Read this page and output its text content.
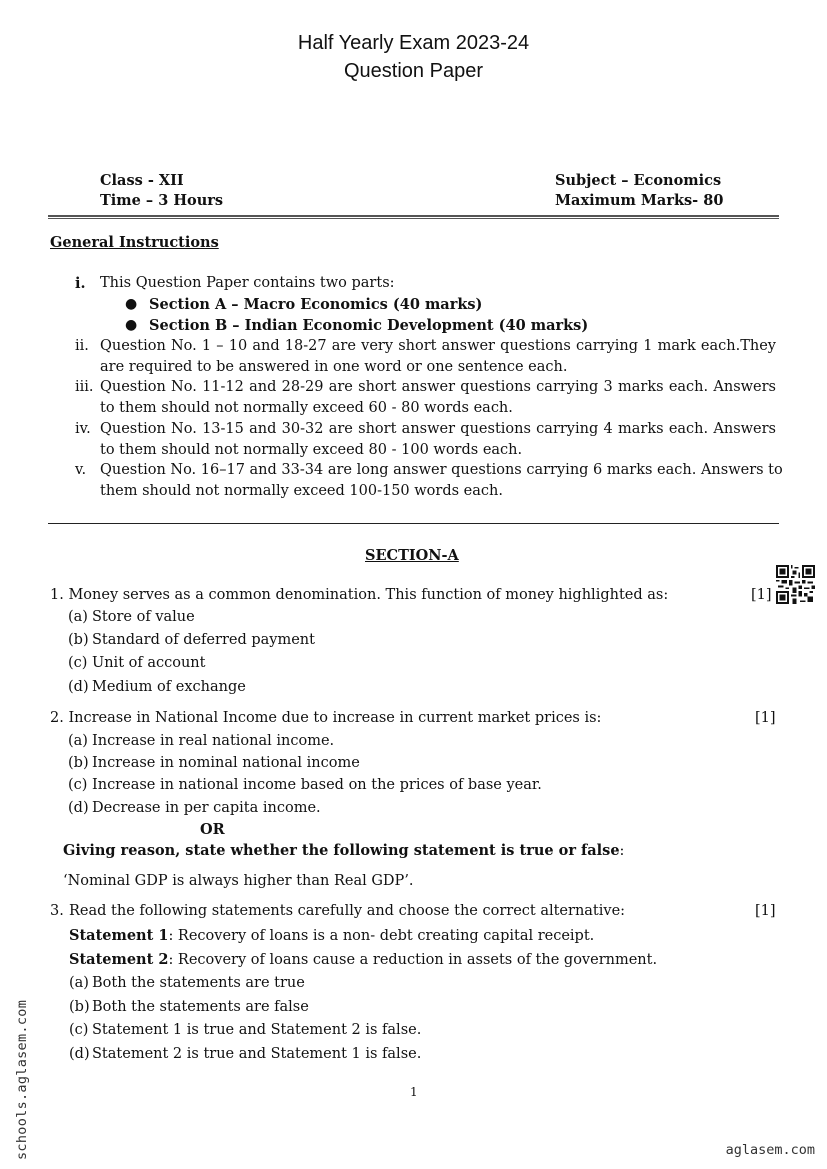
Half Yearly Exam 2023-24
Question Paper
Class - XII
Time – 3 Hours
Subject – Economics
Maximum Marks- 80
General Instructions
i. This Question Paper contains two parts:
● Section A – Macro Economics (40 marks)
● Section B – Indian Economic Development (40 marks)
ii. Question No. 1 – 10 and 18-27 are very short answer questions carrying 1 mark each.They
are required to be answered in one word or one sentence each.
iii. Question No. 11-12 and 28-29 are short answer questions carrying 3 marks each. Answers
to them should not normally exceed 60 - 80 words each.
iv. Question No. 13-15 and 30-32 are short answer questions carrying 4 marks each. Answers
to them should not normally exceed 80 - 100 words each.
v. Question No. 16–17 and 33-34 are long answer questions carrying 6 marks each. Answers to
them should not normally exceed 100-150 words each.
SECTION-A
1. Money serves as a common denomination. This function of money highlighted as:	[1]
(a) Store of value
(b) Standard of deferred payment
(c) Unit of account
(d) Medium of exchange
2. Increase in National Income due to increase in current market prices is:	[1]
(a) Increase in real national income.
(b) Increase in nominal national income
(c) Increase in national income based on the prices of base year.
(d) Decrease in per capita income.
OR
Giving reason, state whether the following statement is true or false:
‘Nominal GDP is always higher than Real GDP’.
3. Read the following statements carefully and choose the correct alternative:	[1]
Statement 1: Recovery of loans is a non- debt creating capital receipt.
Statement 2: Recovery of loans cause a reduction in assets of the government.
(a) Both the statements are true
(b) Both the statements are false
(c) Statement 1 is true and Statement 2 is false.
(d) Statement 2 is true and Statement 1 is false.
1
schools.aglasem.com	aglasem.com
